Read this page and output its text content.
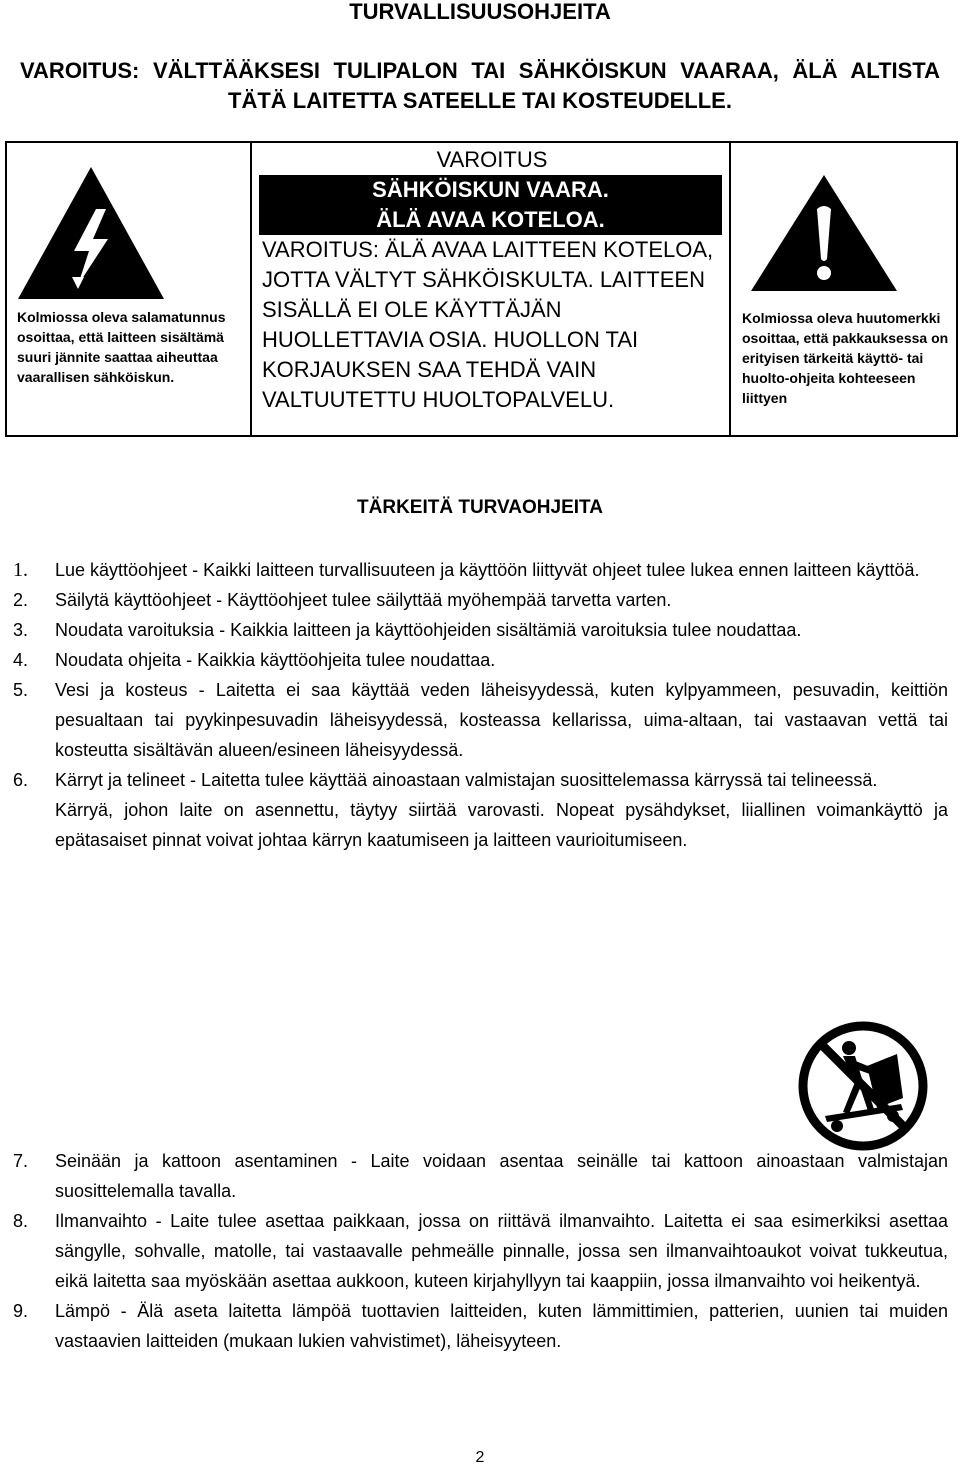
TURVALLISUUSOHJEITA
VAROITUS: VÄLTTÄÄKSESI TULIPALON TAI SÄHKÖISKUN VAARAA, ÄLÄ ALTISTA TÄTÄ LAITETTA SATEELLE TAI KOSTEUDELLE.

Kolmiossa oleva salamatunnus osoittaa, että laitteen sisältämä suuri jännite saattaa aiheuttaa vaarallisen sähköiskun.

VAROITUS
SÄHKÖISKUN VAARA.
ÄLÄ AVAA KOTELOA.
VAROITUS: ÄLÄ AVAA LAITTEEN KOTELOA, JOTTA VÄLTYT SÄHKÖISKULTA. LAITTEEN SISÄLLÄ EI OLE KÄYTTÄJÄN HUOLLETTAVIA OSIA. HUOLLON TAI KORJAUKSEN SAA TEHDÄ VAIN VALTUUTETTU HUOLTOPALVELU.

Kolmiossa oleva huutomerkki osoittaa, että pakkauksessa on erityisen tärkeitä käyttö- tai huolto-ohjeita kohteeseen liittyen

TÄRKEITÄ TURVAOHJEITA
1. Lue käyttöohjeet - Kaikki laitteen turvallisuuteen ja käyttöön liittyvät ohjeet tulee lukea ennen laitteen käyttöä.
2. Säilytä käyttöohjeet - Käyttöohjeet tulee säilyttää myöhempää tarvetta varten.
3. Noudata varoituksia - Kaikkia laitteen ja käyttöohjeiden sisältämiä varoituksia tulee noudattaa.
4. Noudata ohjeita - Kaikkia käyttöohjeita tulee noudattaa.
5. Vesi ja kosteus - Laitetta ei saa käyttää veden läheisyydessä, kuten kylpyammeen, pesuvadin, keittiön pesualtaan tai pyykinpesuvadin läheisyydessä, kosteassa kellarissa, uima-altaan, tai vastaavan vettä tai kosteutta sisältävän alueen/esineen läheisyydessä.
6. Kärryt ja telineet - Laitetta tulee käyttää ainoastaan valmistajan suosittelemassa kärryssä tai telineessä.
Kärryä, johon laite on asennettu, täytyy siirtää varovasti. Nopeat pysähdykset, liiallinen voimankäyttö ja epätasaiset pinnat voivat johtaa kärryn kaatumiseen ja laitteen vaurioitumiseen.
7. Seinään ja kattoon asentaminen - Laite voidaan asentaa seinälle tai kattoon ainoastaan valmistajan suosittelemalla tavalla.
8. Ilmanvaihto - Laite tulee asettaa paikkaan, jossa on riittävä ilmanvaihto. Laitetta ei saa esimerkiksi asettaa sängylle, sohvalle, matolle, tai vastaavalle pehmeälle pinnalle, jossa sen ilmanvaihtoaukot voivat tukkeutua, eikä laitetta saa myöskään asettaa aukkoon, kuteen kirjahyllyyn tai kaappiin, jossa ilmanvaihto voi heikentyä.
9. Lämpö - Älä aseta laitetta lämpöä tuottavien laitteiden, kuten lämmittimien, patterien, uunien tai muiden vastaavien laitteiden (mukaan lukien vahvistimet), läheisyyteen.
2
